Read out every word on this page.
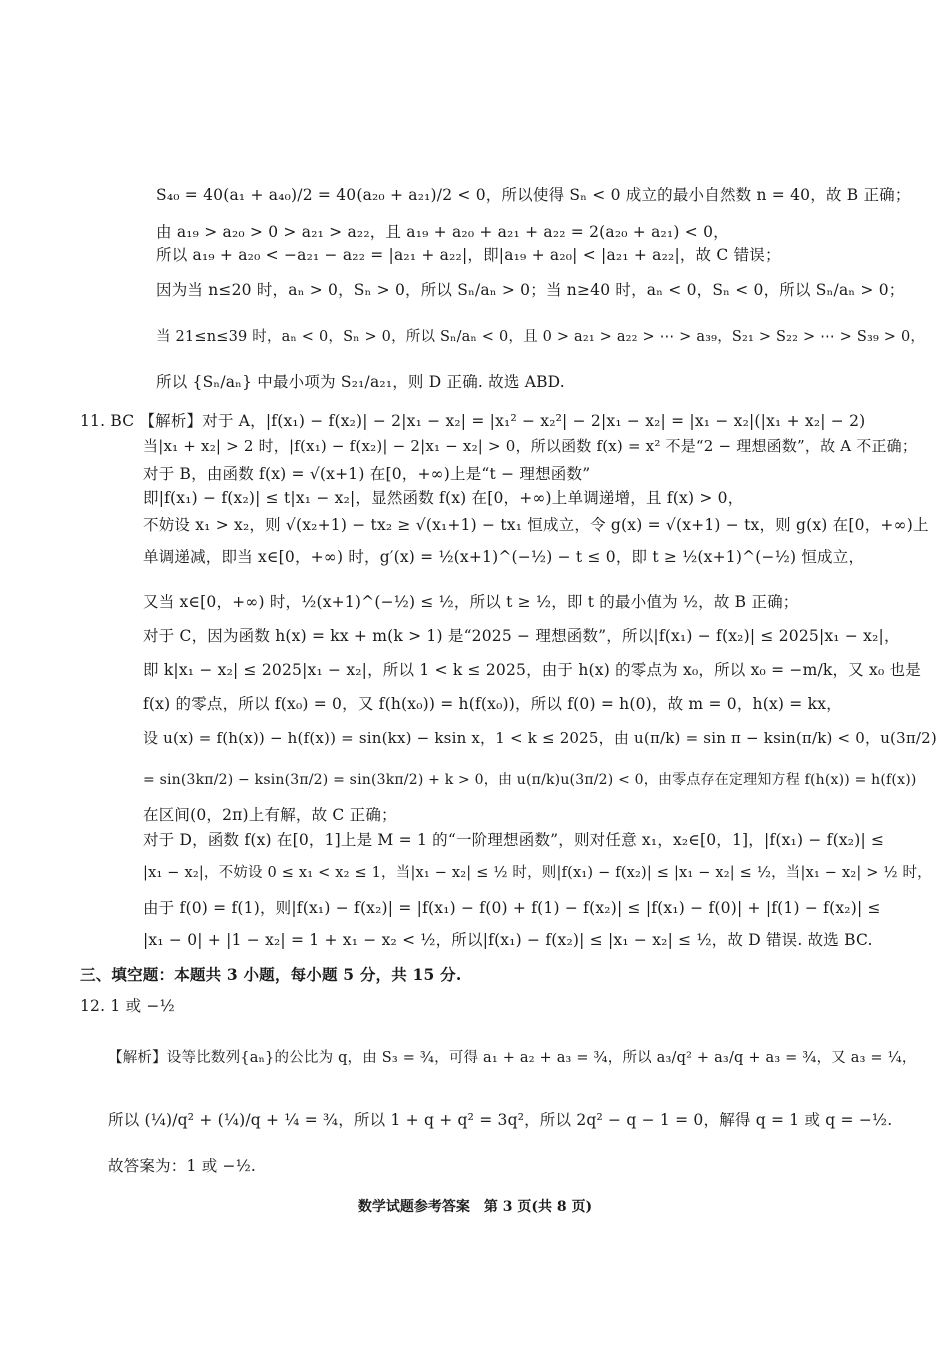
S₄₀ = 40(a₁ + a₄₀)/2 = 40(a₂₀ + a₂₁)/2 < 0，所以使得 Sₙ < 0 成立的最小自然数 n = 40，故 B 正确；
由 a₁₉ > a₂₀ > 0 > a₂₁ > a₂₂，且 a₁₉ + a₂₀ + a₂₁ + a₂₂ = 2(a₂₀ + a₂₁) < 0，
所以 a₁₉ + a₂₀ < −a₂₁ − a₂₂ = |a₂₁ + a₂₂|，即|a₁₉ + a₂₀| < |a₂₁ + a₂₂|，故 C 错误；
因为当 n≤20 时，aₙ > 0，Sₙ > 0，所以 Sₙ/aₙ > 0；当 n≥40 时，aₙ < 0，Sₙ < 0，所以 Sₙ/aₙ > 0；
当 21≤n≤39 时，aₙ < 0，Sₙ > 0，所以 Sₙ/aₙ < 0，且 0 > a₂₁ > a₂₂ > ⋯ > a₃₉，S₂₁ > S₂₂ > ⋯ > S₃₉ > 0，
所以 {Sₙ/aₙ} 中最小项为 S₂₁/a₂₁，则 D 正确. 故选 ABD.
11. BC 【解析】对于 A，|f(x₁) − f(x₂)| − 2|x₁ − x₂| = |x₁² − x₂²| − 2|x₁ − x₂| = |x₁ − x₂|(|x₁ + x₂| − 2)
当|x₁ + x₂| > 2 时，|f(x₁) − f(x₂)| − 2|x₁ − x₂| > 0，所以函数 f(x) = x² 不是“2 − 理想函数”，故 A 不正确；
对于 B，由函数 f(x) = √(x+1) 在[0，+∞)上是“t − 理想函数”
即|f(x₁) − f(x₂)| ≤ t|x₁ − x₂|，显然函数 f(x) 在[0，+∞)上单调递增，且 f(x) > 0，
不妨设 x₁ > x₂，则 √(x₂+1) − tx₂ ≥ √(x₁+1) − tx₁ 恒成立，令 g(x) = √(x+1) − tx，则 g(x) 在[0，+∞)上
单调递减，即当 x∈[0，+∞) 时，g′(x) = ½(x+1)^(−½) − t ≤ 0，即 t ≥ ½(x+1)^(−½) 恒成立，
又当 x∈[0，+∞) 时，½(x+1)^(−½) ≤ ½，所以 t ≥ ½，即 t 的最小值为 ½，故 B 正确；
对于 C，因为函数 h(x) = kx + m(k > 1) 是“2025 − 理想函数”，所以|f(x₁) − f(x₂)| ≤ 2025|x₁ − x₂|，
即 k|x₁ − x₂| ≤ 2025|x₁ − x₂|，所以 1 < k ≤ 2025，由于 h(x) 的零点为 x₀，所以 x₀ = −m/k，又 x₀ 也是
f(x) 的零点，所以 f(x₀) = 0，又 f(h(x₀)) = h(f(x₀))，所以 f(0) = h(0)，故 m = 0，h(x) = kx，
设 u(x) = f(h(x)) − h(f(x)) = sin(kx) − ksin x，1 < k ≤ 2025，由 u(π/k) = sin π − ksin(π/k) < 0，u(3π/2)
= sin(3kπ/2) − ksin(3π/2) = sin(3kπ/2) + k > 0，由 u(π/k)u(3π/2) < 0，由零点存在定理知方程 f(h(x)) = h(f(x))
在区间(0，2π)上有解，故 C 正确；
对于 D，函数 f(x) 在[0，1]上是 M = 1 的“一阶理想函数”，则对任意 x₁，x₂∈[0，1]，|f(x₁) − f(x₂)| ≤
|x₁ − x₂|，不妨设 0 ≤ x₁ < x₂ ≤ 1，当|x₁ − x₂| ≤ ½ 时，则|f(x₁) − f(x₂)| ≤ |x₁ − x₂| ≤ ½，当|x₁ − x₂| > ½ 时，
由于 f(0) = f(1)，则|f(x₁) − f(x₂)| = |f(x₁) − f(0) + f(1) − f(x₂)| ≤ |f(x₁) − f(0)| + |f(1) − f(x₂)| ≤
|x₁ − 0| + |1 − x₂| = 1 + x₁ − x₂ < ½，所以|f(x₁) − f(x₂)| ≤ |x₁ − x₂| ≤ ½，故 D 错误. 故选 BC.
三、填空题：本题共 3 小题，每小题 5 分，共 15 分.
12. 1 或 −½
【解析】设等比数列{aₙ}的公比为 q，由 S₃ = ¾，可得 a₁ + a₂ + a₃ = ¾，所以 a₃/q² + a₃/q + a₃ = ¾，又 a₃ = ¼，
所以 (¼)/q² + (¼)/q + ¼ = ¾，所以 1 + q + q² = 3q²，所以 2q² − q − 1 = 0，解得 q = 1 或 q = −½.
故答案为：1 或 −½.
数学试题参考答案　第 3 页(共 8 页)
